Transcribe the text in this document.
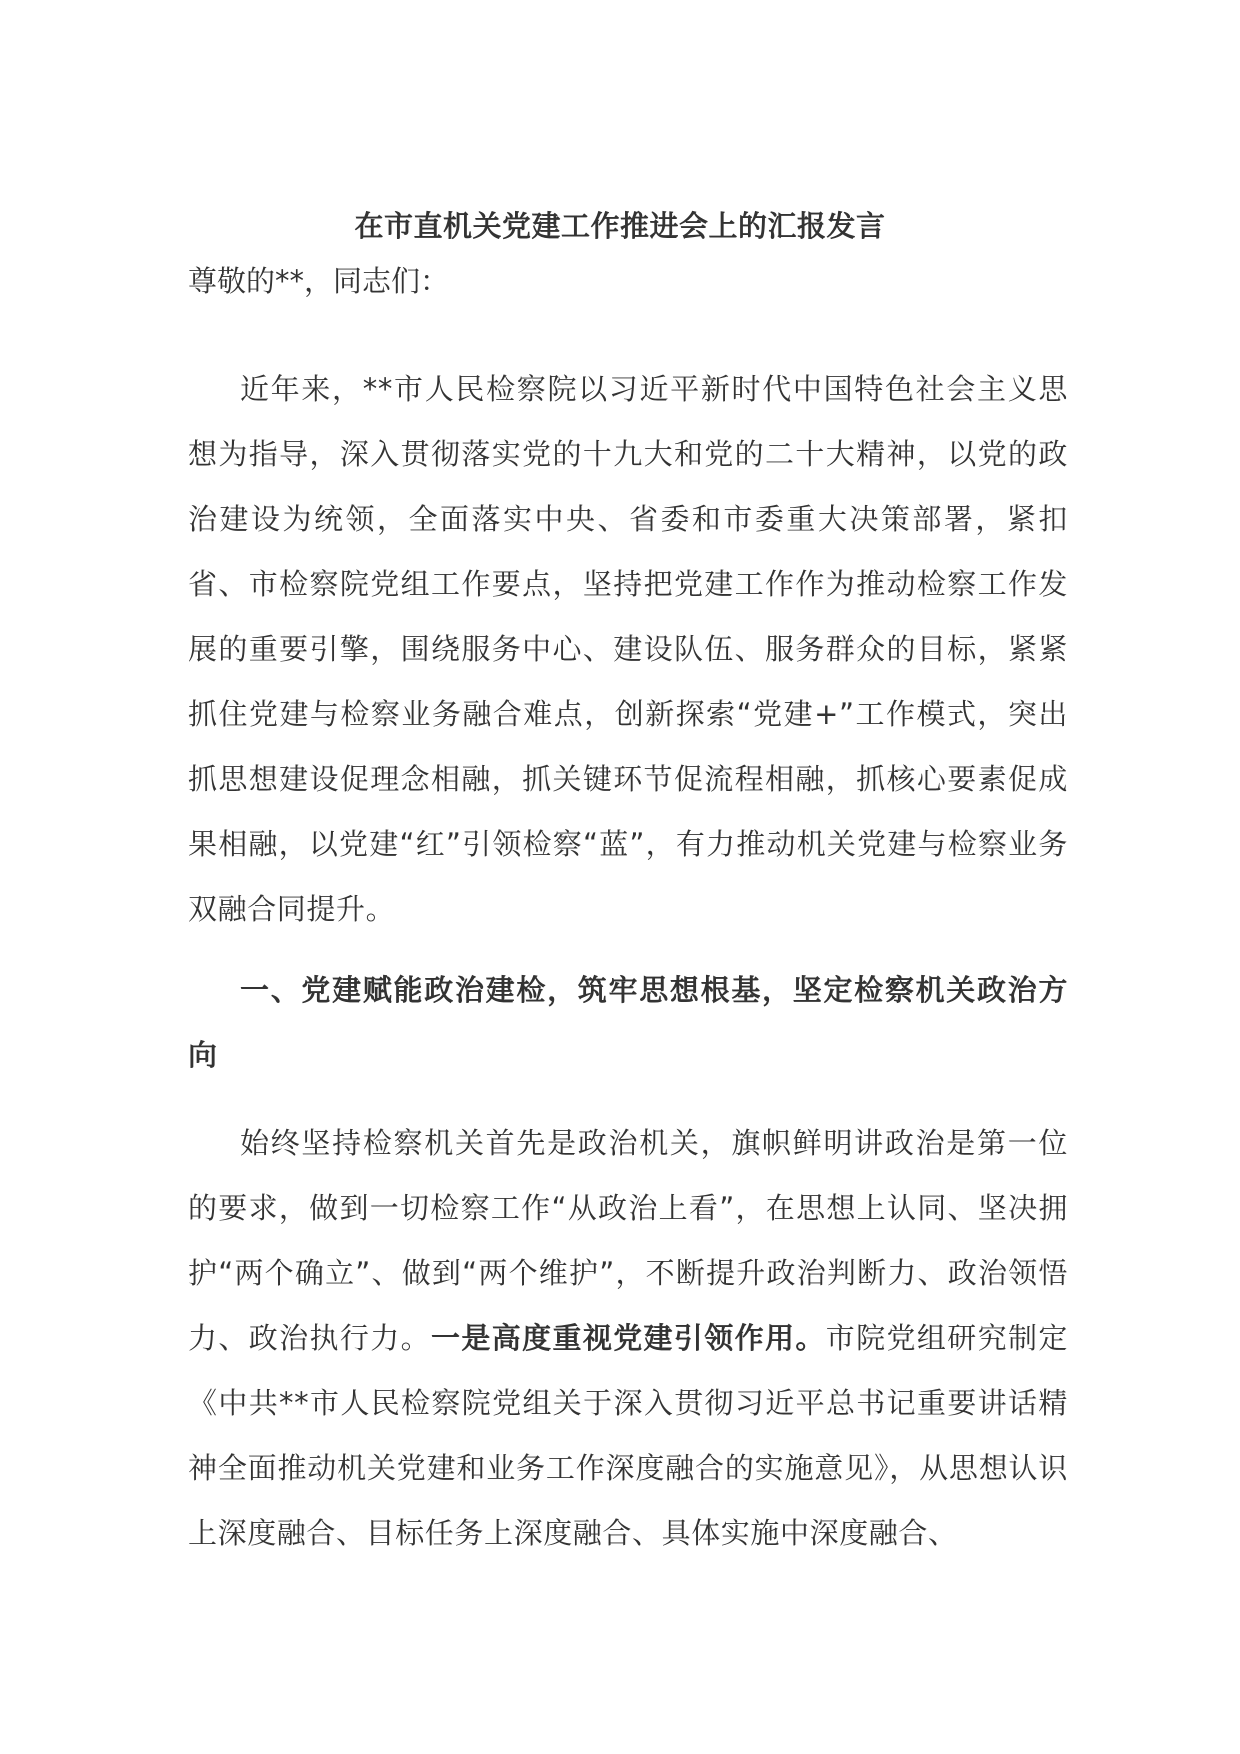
在市直机关党建工作推进会上的汇报发言
尊敬的**，同志们：

近年来，**市人民检察院以习近平新时代中国特色社会主义思想为指导，深入贯彻落实党的十九大和党的二十大精神，以党的政治建设为统领，全面落实中央、省委和市委重大决策部署，紧扣省、市检察院党组工作要点，坚持把党建工作作为推动检察工作发展的重要引擎，围绕服务中心、建设队伍、服务群众的目标，紧紧抓住党建与检察业务融合难点，创新探索“党建+”工作模式，突出抓思想建设促理念相融，抓关键环节促流程相融，抓核心要素促成果相融，以党建“红”引领检察“蓝”，有力推动机关党建与检察业务双融合同提升。

一、党建赋能政治建检，筑牢思想根基，坚定检察机关政治方向

始终坚持检察机关首先是政治机关，旗帜鲜明讲政治是第一位的要求，做到一切检察工作“从政治上看”，在思想上认同、坚决拥护“两个确立”、做到“两个维护”，不断提升政治判断力、政治领悟力、政治执行力。一是高度重视党建引领作用。市院党组研究制定《中共**市人民检察院党组关于深入贯彻习近平总书记重要讲话精神全面推动机关党建和业务工作深度融合的实施意见》，从思想认识上深度融合、目标任务上深度融合、具体实施中深度融合、
